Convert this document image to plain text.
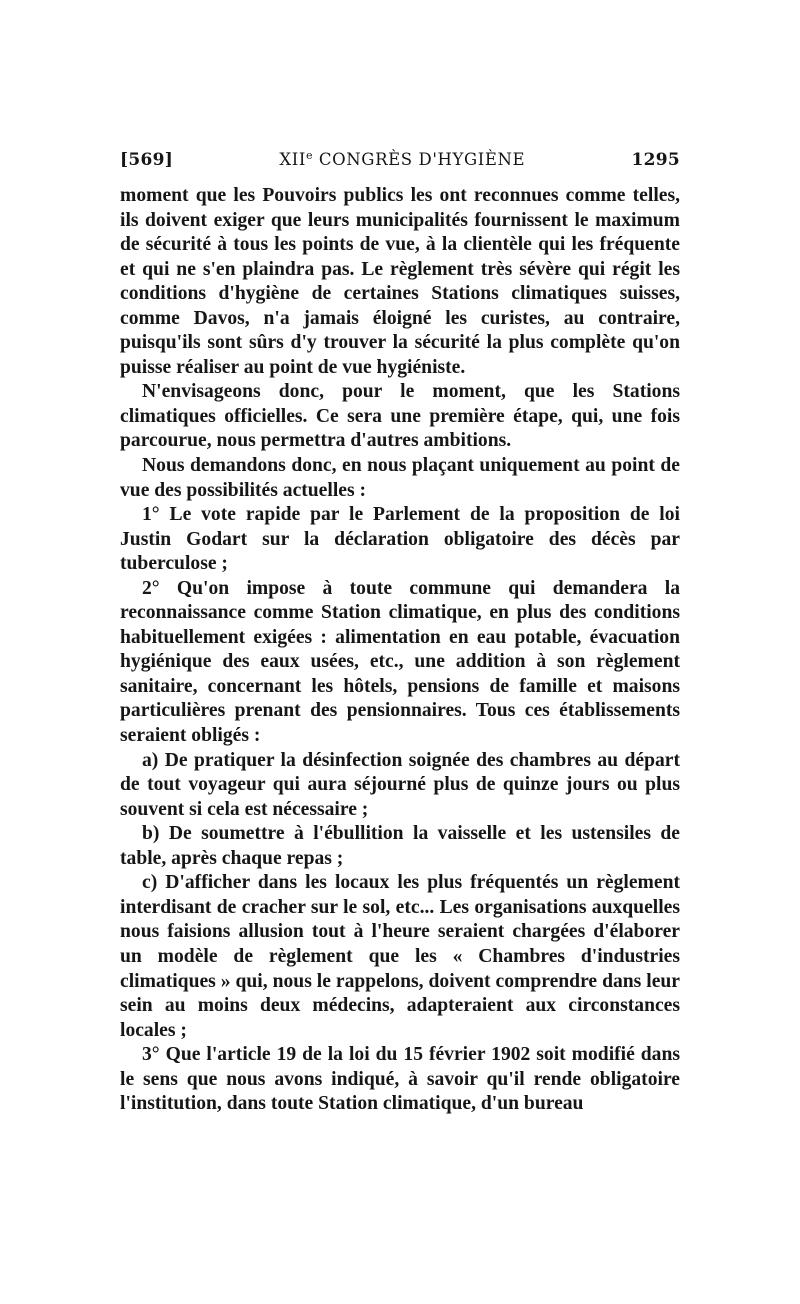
[569]	XIIe CONGRÈS D'HYGIÈNE	1295

moment que les Pouvoirs publics les ont reconnues comme telles, ils doivent exiger que leurs municipalités fournissent le maximum de sécurité à tous les points de vue, à la clientèle qui les fréquente et qui ne s'en plaindra pas. Le règlement très sévère qui régit les conditions d'hygiène de certaines Stations climatiques suisses, comme Davos, n'a jamais éloigné les curistes, au contraire, puisqu'ils sont sûrs d'y trouver la sécurité la plus complète qu'on puisse réaliser au point de vue hygiéniste.

N'envisageons donc, pour le moment, que les Stations climatiques officielles. Ce sera une première étape, qui, une fois parcourue, nous permettra d'autres ambitions.

Nous demandons donc, en nous plaçant uniquement au point de vue des possibilités actuelles :

1° Le vote rapide par le Parlement de la proposition de loi Justin Godart sur la déclaration obligatoire des décès par tuberculose ;

2° Qu'on impose à toute commune qui demandera la reconnaissance comme Station climatique, en plus des conditions habituellement exigées : alimentation en eau potable, évacuation hygiénique des eaux usées, etc., une addition à son règlement sanitaire, concernant les hôtels, pensions de famille et maisons particulières prenant des pensionnaires. Tous ces établissements seraient obligés :

a) De pratiquer la désinfection soignée des chambres au départ de tout voyageur qui aura séjourné plus de quinze jours ou plus souvent si cela est nécessaire ;

b) De soumettre à l'ébullition la vaisselle et les ustensiles de table, après chaque repas ;

c) D'afficher dans les locaux les plus fréquentés un règlement interdisant de cracher sur le sol, etc... Les organisations auxquelles nous faisions allusion tout à l'heure seraient chargées d'élaborer un modèle de règlement que les « Chambres d'industries climatiques » qui, nous le rappelons, doivent comprendre dans leur sein au moins deux médecins, adapteraient aux circonstances locales ;

3° Que l'article 19 de la loi du 15 février 1902 soit modifié dans le sens que nous avons indiqué, à savoir qu'il rende obligatoire l'institution, dans toute Station climatique, d'un bureau
